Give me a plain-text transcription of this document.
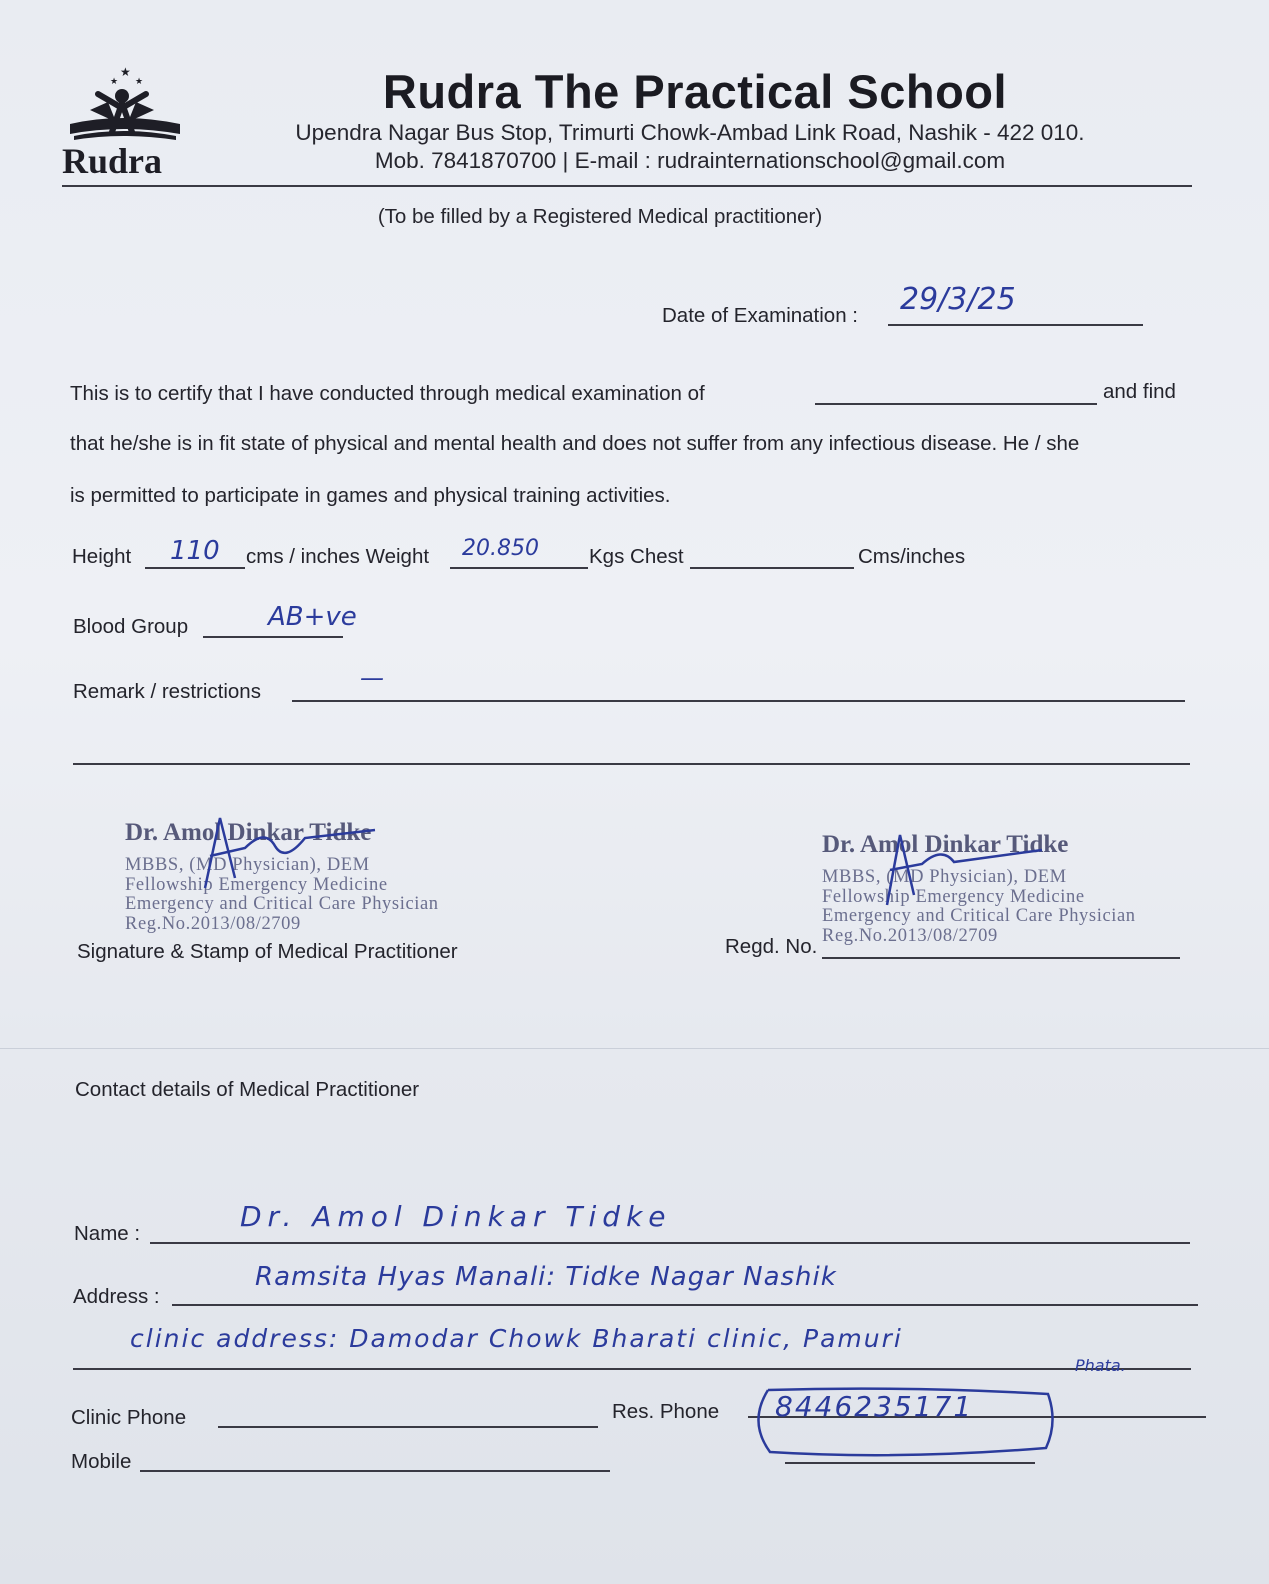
★
★ ★
Rudra
Rudra The Practical School
Upendra Nagar Bus Stop, Trimurti Chowk-Ambad Link Road, Nashik - 422 010.
Mob. 7841870700 | E-mail : rudrainternationschool@gmail.com
(To be filled by a Registered Medical practitioner)
Date of Examination : 29/3/25
This is to certify that I have conducted through medical examination of	and find
that he/she is in fit state of physical and mental health and does not suffer from any infectious disease. He / she
is permitted to participate in games and physical training activities.
Height 110 cms / inches Weight 20.850 Kgs Chest	Cms/inches
Blood Group	AB+ve
Remark / restrictions	—
Dr. Amol Dinkar Tidke
MBBS, (MD Physician), DEM
Fellowship Emergency Medicine
Emergency and Critical Care Physician
Reg.No.2013/08/2709
Signature & Stamp of Medical Practitioner
Dr. Amol Dinkar Tidke
MBBS, (MD Physician), DEM
Fellowship Emergency Medicine
Emergency and Critical Care Physician
Reg.No.2013/08/2709
Regd. No.
Contact details of Medical Practitioner
Name :
Dr. Amol Dinkar Tidke
Address :
Ramsita Hyas Manali: Tidke Nagar Nashik
clinic address: Damodar Chowk Bharati clinic, Pamuri
Phata.
Clinic Phone	Res. Phone 8446235171
Mobile
